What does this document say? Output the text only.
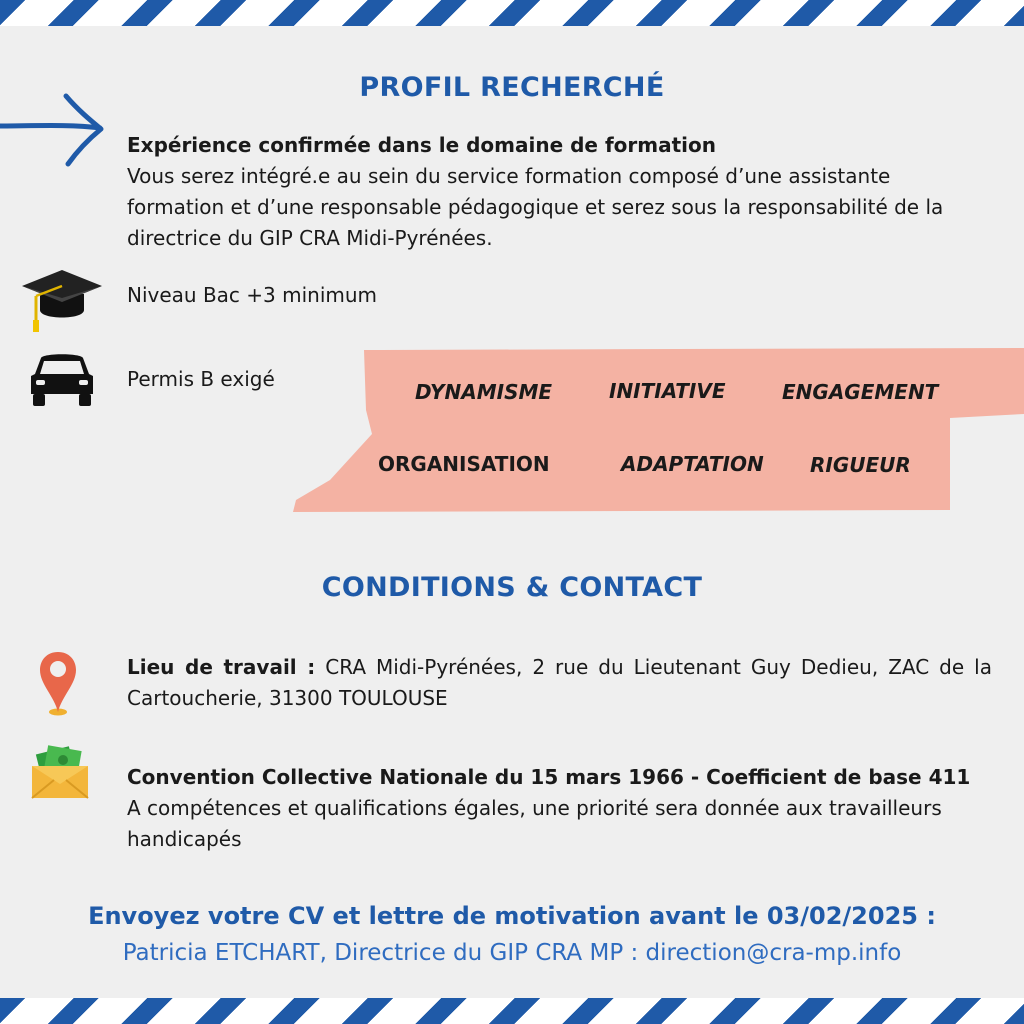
PROFIL RECHERCHÉ
Expérience confirmée dans le domaine de formation
Vous serez intégré.e au sein du service formation composé d’une assistante formation et d’une responsable pédagogique et serez sous la responsabilité de la directrice du GIP CRA Midi-Pyrénées.
Niveau Bac +3 minimum
Permis B exigé
DYNAMISME	INITIATIVE	ENGAGEMENT
ORGANISATION	ADAPTATION RIGUEUR
CONDITIONS & CONTACT
Lieu de travail : CRA Midi-Pyrénées, 2 rue du Lieutenant Guy Dedieu, ZAC de la Cartoucherie, 31300 TOULOUSE
Convention Collective Nationale du 15 mars 1966 - Coefficient de base 411
A compétences et qualifications égales, une priorité sera donnée aux travailleurs handicapés
Envoyez votre CV et lettre de motivation avant le 03/02/2025 :
Patricia ETCHART, Directrice du GIP CRA MP : direction@cra-mp.info
